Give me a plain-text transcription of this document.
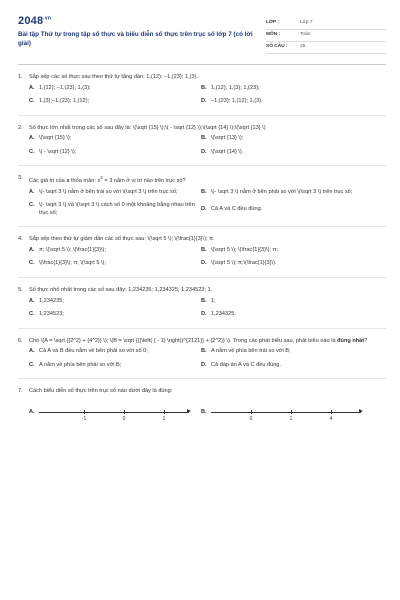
$2048^{.vn}$
Bài tập Thứ tự trong tập số thực và biểu diễn số thực trên trục số lớp 7 (có lời giải)
LỚP :	Lớp 7
MÔN :	Toán
SỐ CÂU :	25
1.	Sắp xếp các số thực sau theo thứ tự tăng dần: 1,(12); –1,(23); 1,(3).
A. 1,(12); –1,(23); 1,(3);	B. 1,(12); 1,(3); 1,(23);
C. 1,(3);–1,(23); 1,(12);	D. –1,(23); 1,(12); 1,(3).
2.	Số thực lớn nhất trong các số sau đây là: \(\sqrt {15} \);\( - \sqrt {12} \);\(\sqrt {14} \);\(\sqrt {13} \)
A. \(\sqrt {15} \);	B. \(\sqrt {13} \);
C. \( - \sqrt {12} \);	D. \(\sqrt {14} \).
3.	Các giá trị của x thỏa mãn: $x^2 = 3$ nằm ở vị trí nào trên trục số?
A. \(- \sqrt 3 \) nằm ở bên trái so với \(\sqrt 3 \) trên trục số;	B. \(- \sqrt 3 \) nằm ở bên phải so với \(\sqrt 3 \) trên trục số;
C. \(- \sqrt 3 \) và \(\sqrt 3 \) cách số 0 một khoảng bằng nhau trên trục số;
D. Cả A và C đều đúng.
4.	Sắp xếp theo thứ tự giảm dần các số thực sau: \(\sqrt 5 \); \(\frac{1}{3}\); π.
A. π; \(\sqrt 5 \); \(\frac{1}{3}\);	B. \(\sqrt 5 \); \(\frac{1}{3}\); π;
C. \(\frac{1}{3}\); π; \(\sqrt 5 \);	D. \(\sqrt 5 \); π;\(\frac{1}{3}\).
5.	Số thực nhỏ nhất trong các số sau đây: 1,234235; 1,234325; 1,234523; 1.
A. 1,234235;	B. 1;
C. 1,234523;	D. 1,234325.
6.	Cho \(A = \sqrt {{2^2} + {4^2}} \); \(B = \sqrt {{{\left( { - 1} \right)}^{2121}} + {2^2}} \). Trong các phát biểu sau, phát biểu nào là đúng nhất?
A. Cả A và B đều nằm về bên phải so với số 0;	B. A nằm về phía bên trái so với B;
C. A nằm về phía bên phải so với B;	D. Cả đáp án A và C đều đúng.
7.	Cách biểu diễn số thực trên trục số nào dưới đây là đúng:
A.
-1	0	1
B.
0	1	4
